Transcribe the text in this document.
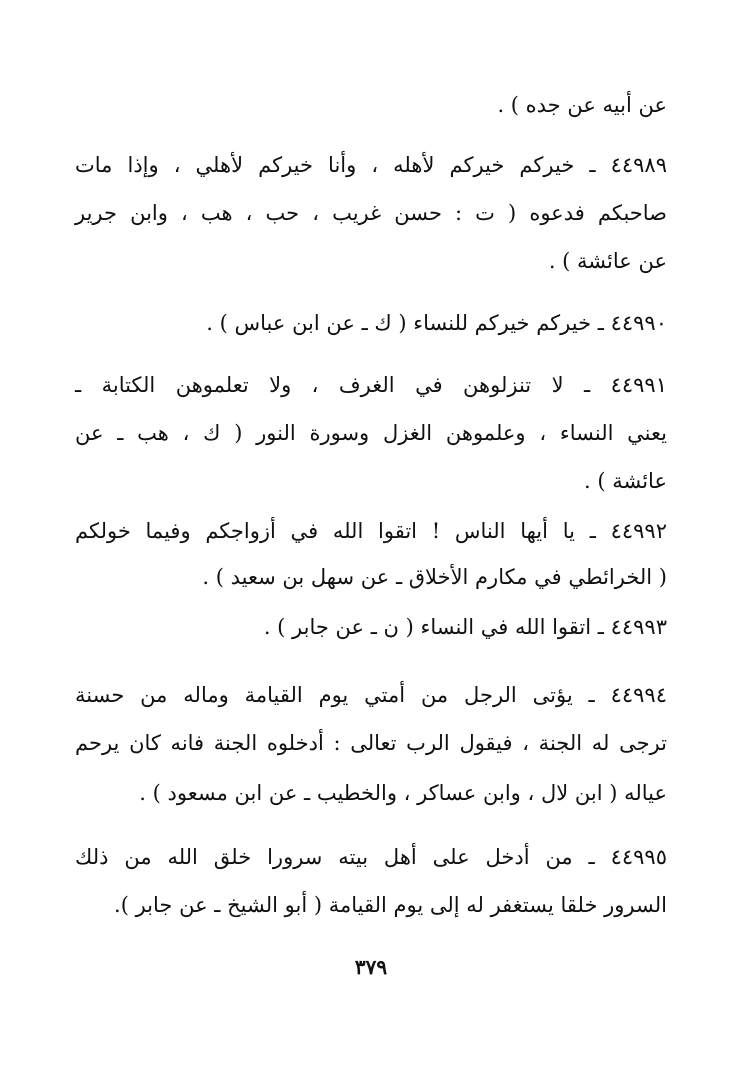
عن أبيه عن جده ) .
٤٤٩٨٩ ـ خيركم خيركم لأهله ، وأنا خيركم لأهلي ، وإذا مات
صاحبكم فدعوه ( ت : حسن غريب ، حب ، هب ، وابن جرير
عن عائشة ) .
٤٤٩٩٠ ـ خيركم خيركم للنساء ( ك ـ عن ابن عباس ) .
٤٤٩٩١ ـ لا تنزلوهن في الغرف ، ولا تعلموهن الكتابة ـ
يعني النساء ، وعلموهن الغزل وسورة النور ( ك ، هب ـ عن
عائشة ) .
٤٤٩٩٢ ـ يا أيها الناس ! اتقوا الله في أزواجكم وفيما خولكم
( الخرائطي في مكارم الأخلاق ـ عن سهل بن سعيد ) .
٤٤٩٩٣ ـ اتقوا الله في النساء ( ن ـ عن جابر ) .
٤٤٩٩٤ ـ يؤتى الرجل من أمتي يوم القيامة وماله من حسنة
ترجى له الجنة ، فيقول الرب تعالى : أدخلوه الجنة فانه كان يرحم
عياله ( ابن لال ، وابن عساكر ، والخطيب ـ عن ابن مسعود ) .
٤٤٩٩٥ ـ من أدخل على أهل بيته سرورا خلق الله من ذلك
السرور خلقا يستغفر له إلى يوم القيامة ( أبو الشيخ ـ عن جابر ).
٣٧٩
